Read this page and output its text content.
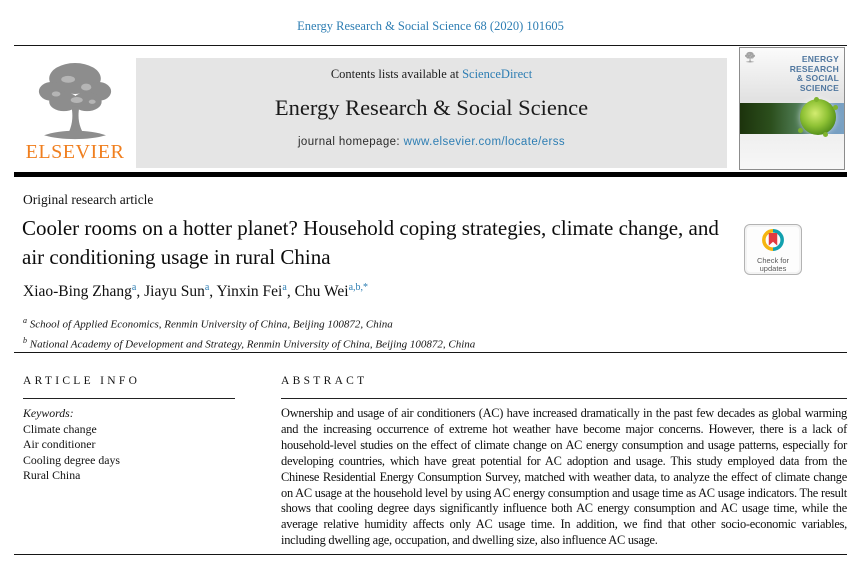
Energy Research & Social Science 68 (2020) 101605
ELSEVIER
Contents lists available at ScienceDirect
Energy Research & Social Science
journal homepage: www.elsevier.com/locate/erss
ENERGY
RESEARCH
& SOCIAL
SCIENCE
Original research article
Cooler rooms on a hotter planet? Household coping strategies, climate change, and air conditioning usage in rural China	Check for
updates
Xiao-Bing Zhang$^a$, Jiayu Sun$^a$, Yinxin Fei$^a$, Chu Wei$^{a,b,*}$
$^a$ School of Applied Economics, Renmin University of China, Beijing 100872, China
$^b$ National Academy of Development and Strategy, Renmin University of China, Beijing 100872, China
ARTICLE INFO
Keywords:
Climate change
Air conditioner
Cooling degree days
Rural China
ABSTRACT

Ownership and usage of air conditioners (AC) have increased dramatically in the past few decades as global warming and the increasing occurrence of extreme hot weather have become major concerns. However, there is a lack of household-level studies on the effect of climate change on AC energy consumption and usage patterns, especially for developing countries, which have great potential for AC adoption and usage. This study employed data from the Chinese Residential Energy Consumption Survey, matched with weather data, to analyze the effect of climate change on AC usage at the household level by using AC energy consumption and usage time as AC usage indicators. The result shows that cooling degree days significantly influence both AC energy consumption and AC usage time, while the average relative humidity affects only AC usage time. In addition, we find that other socio-economic variables, including dwelling age, occupation, and dwelling size, also influence AC usage.
